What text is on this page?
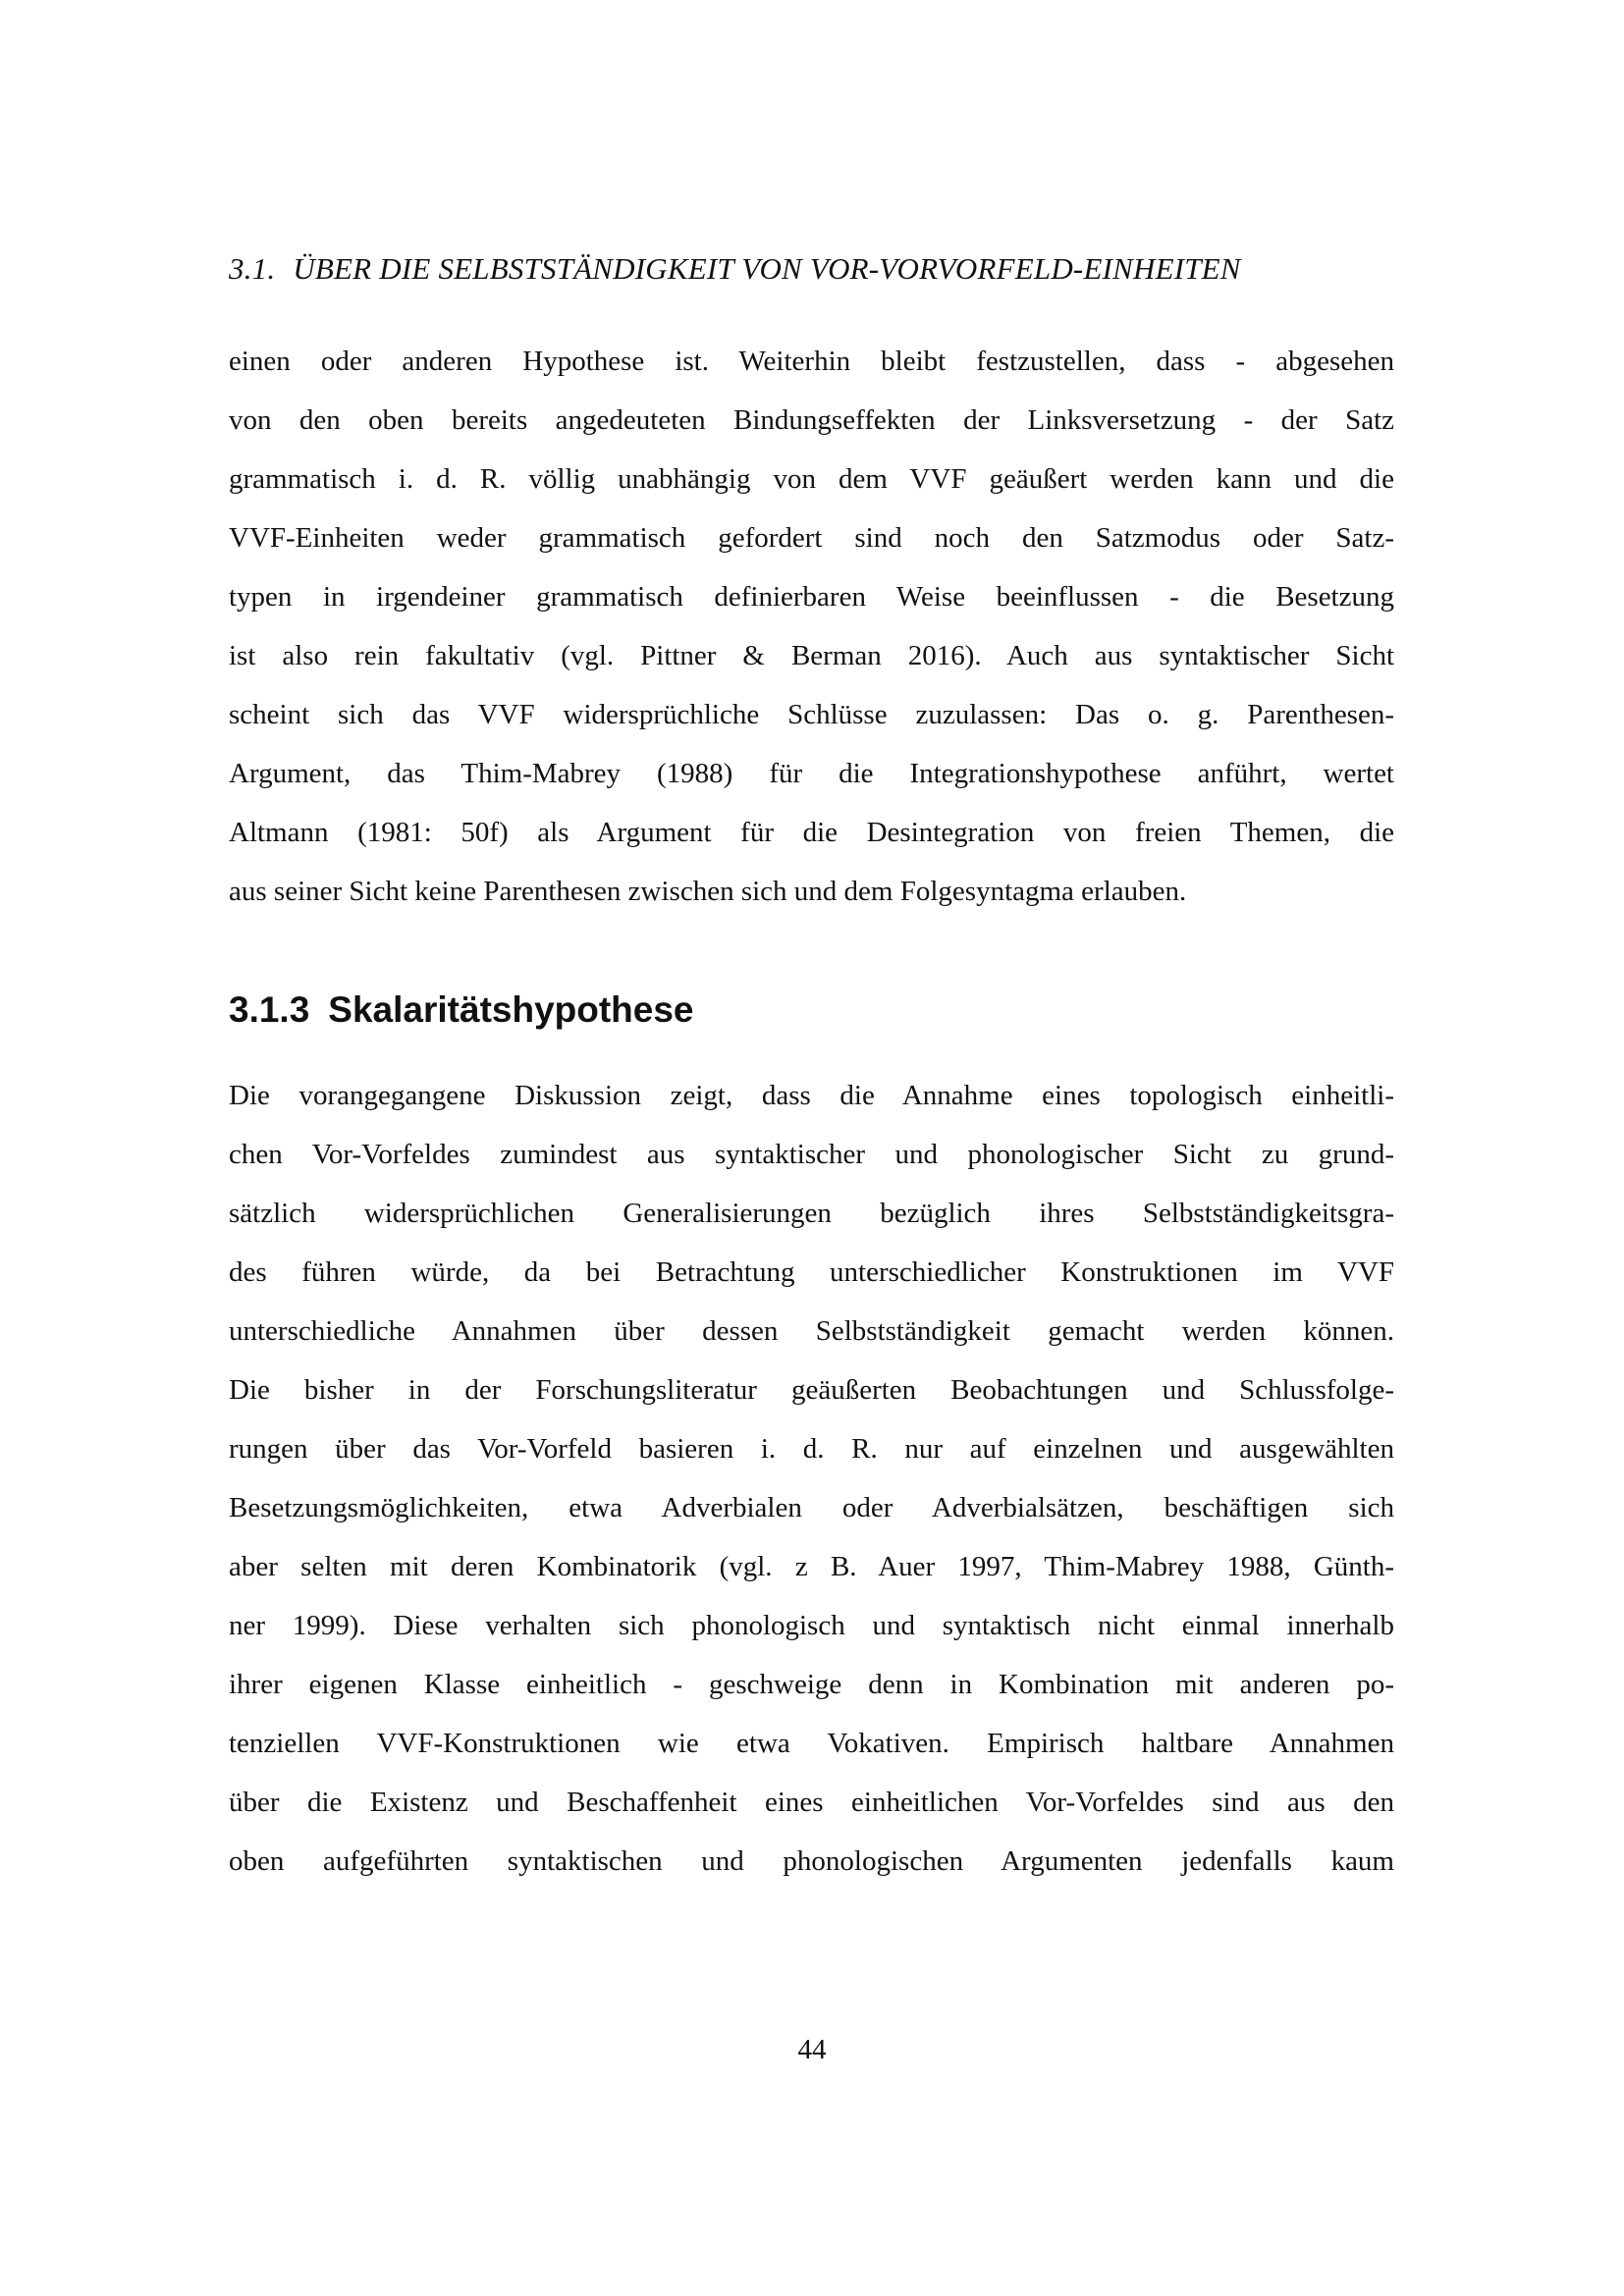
3.1. ÜBER DIE SELBSTSTÄNDIGKEIT VON VOR-VORVORFELD-EINHEITEN
einen oder anderen Hypothese ist. Weiterhin bleibt festzustellen, dass - abgesehen
von den oben bereits angedeuteten Bindungseffekten der Linksversetzung - der Satz
grammatisch i. d. R. völlig unabhängig von dem VVF geäußert werden kann und die
VVF-Einheiten weder grammatisch gefordert sind noch den Satzmodus oder Satz-
typen in irgendeiner grammatisch definierbaren Weise beeinflussen - die Besetzung
ist also rein fakultativ (vgl. Pittner & Berman 2016). Auch aus syntaktischer Sicht
scheint sich das VVF widersprüchliche Schlüsse zuzulassen: Das o. g. Parenthesen-
Argument, das Thim-Mabrey (1988) für die Integrationshypothese anführt, wertet
Altmann (1981: 50f) als Argument für die Desintegration von freien Themen, die
aus seiner Sicht keine Parenthesen zwischen sich und dem Folgesyntagma erlauben.
3.1.3 Skalaritätshypothese
Die vorangegangene Diskussion zeigt, dass die Annahme eines topologisch einheitli-
chen Vor-Vorfeldes zumindest aus syntaktischer und phonologischer Sicht zu grund-
sätzlich widersprüchlichen Generalisierungen bezüglich ihres Selbstständigkeitsgra-
des führen würde, da bei Betrachtung unterschiedlicher Konstruktionen im VVF
unterschiedliche Annahmen über dessen Selbstständigkeit gemacht werden können.
Die bisher in der Forschungsliteratur geäußerten Beobachtungen und Schlussfolge-
rungen über das Vor-Vorfeld basieren i. d. R. nur auf einzelnen und ausgewählten
Besetzungsmöglichkeiten, etwa Adverbialen oder Adverbialsätzen, beschäftigen sich
aber selten mit deren Kombinatorik (vgl. z B. Auer 1997, Thim-Mabrey 1988, Günth-
ner 1999). Diese verhalten sich phonologisch und syntaktisch nicht einmal innerhalb
ihrer eigenen Klasse einheitlich - geschweige denn in Kombination mit anderen po-
tenziellen VVF-Konstruktionen wie etwa Vokativen. Empirisch haltbare Annahmen
über die Existenz und Beschaffenheit eines einheitlichen Vor-Vorfeldes sind aus den
oben aufgeführten syntaktischen und phonologischen Argumenten jedenfalls kaum
44
